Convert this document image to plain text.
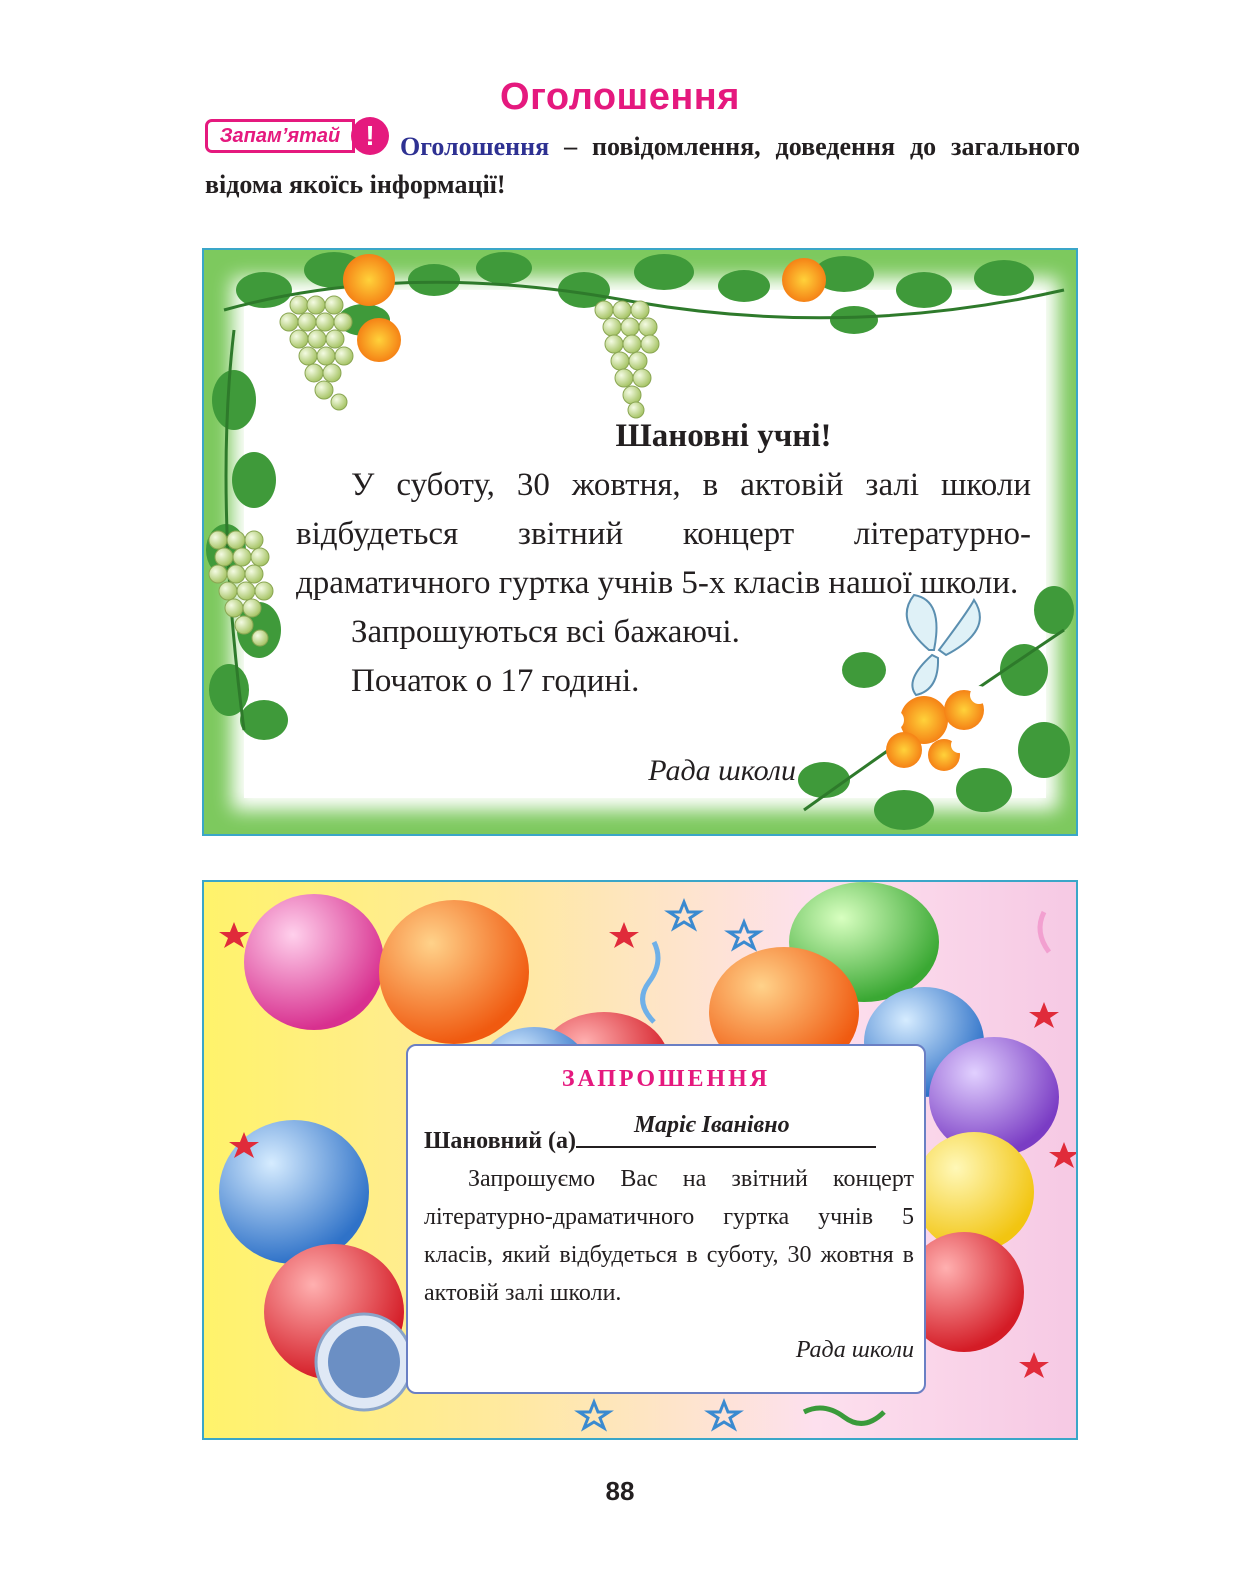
Оголошення
Запам’ятай ! Оголошення – повідомлення, доведення до загального відома якоїсь інформації!

Шановні учні!

У суботу, 30 жовтня, в актовій залі школи відбудеться звітний концерт літературно-драматичного гуртка учнів 5-х класів нашої школи.

Запрошуються всі бажаючі.

Початок о 17 годині.

Рада школи

ЗАПРОШЕННЯ

Шановний (а)
Маріє Іванівно

Запрошуємо Вас на звітний концерт літературно-драматичного гуртка учнів 5 класів, який відбудеться в суботу, 30 жовтня в актовій залі школи.

Рада школи
88
